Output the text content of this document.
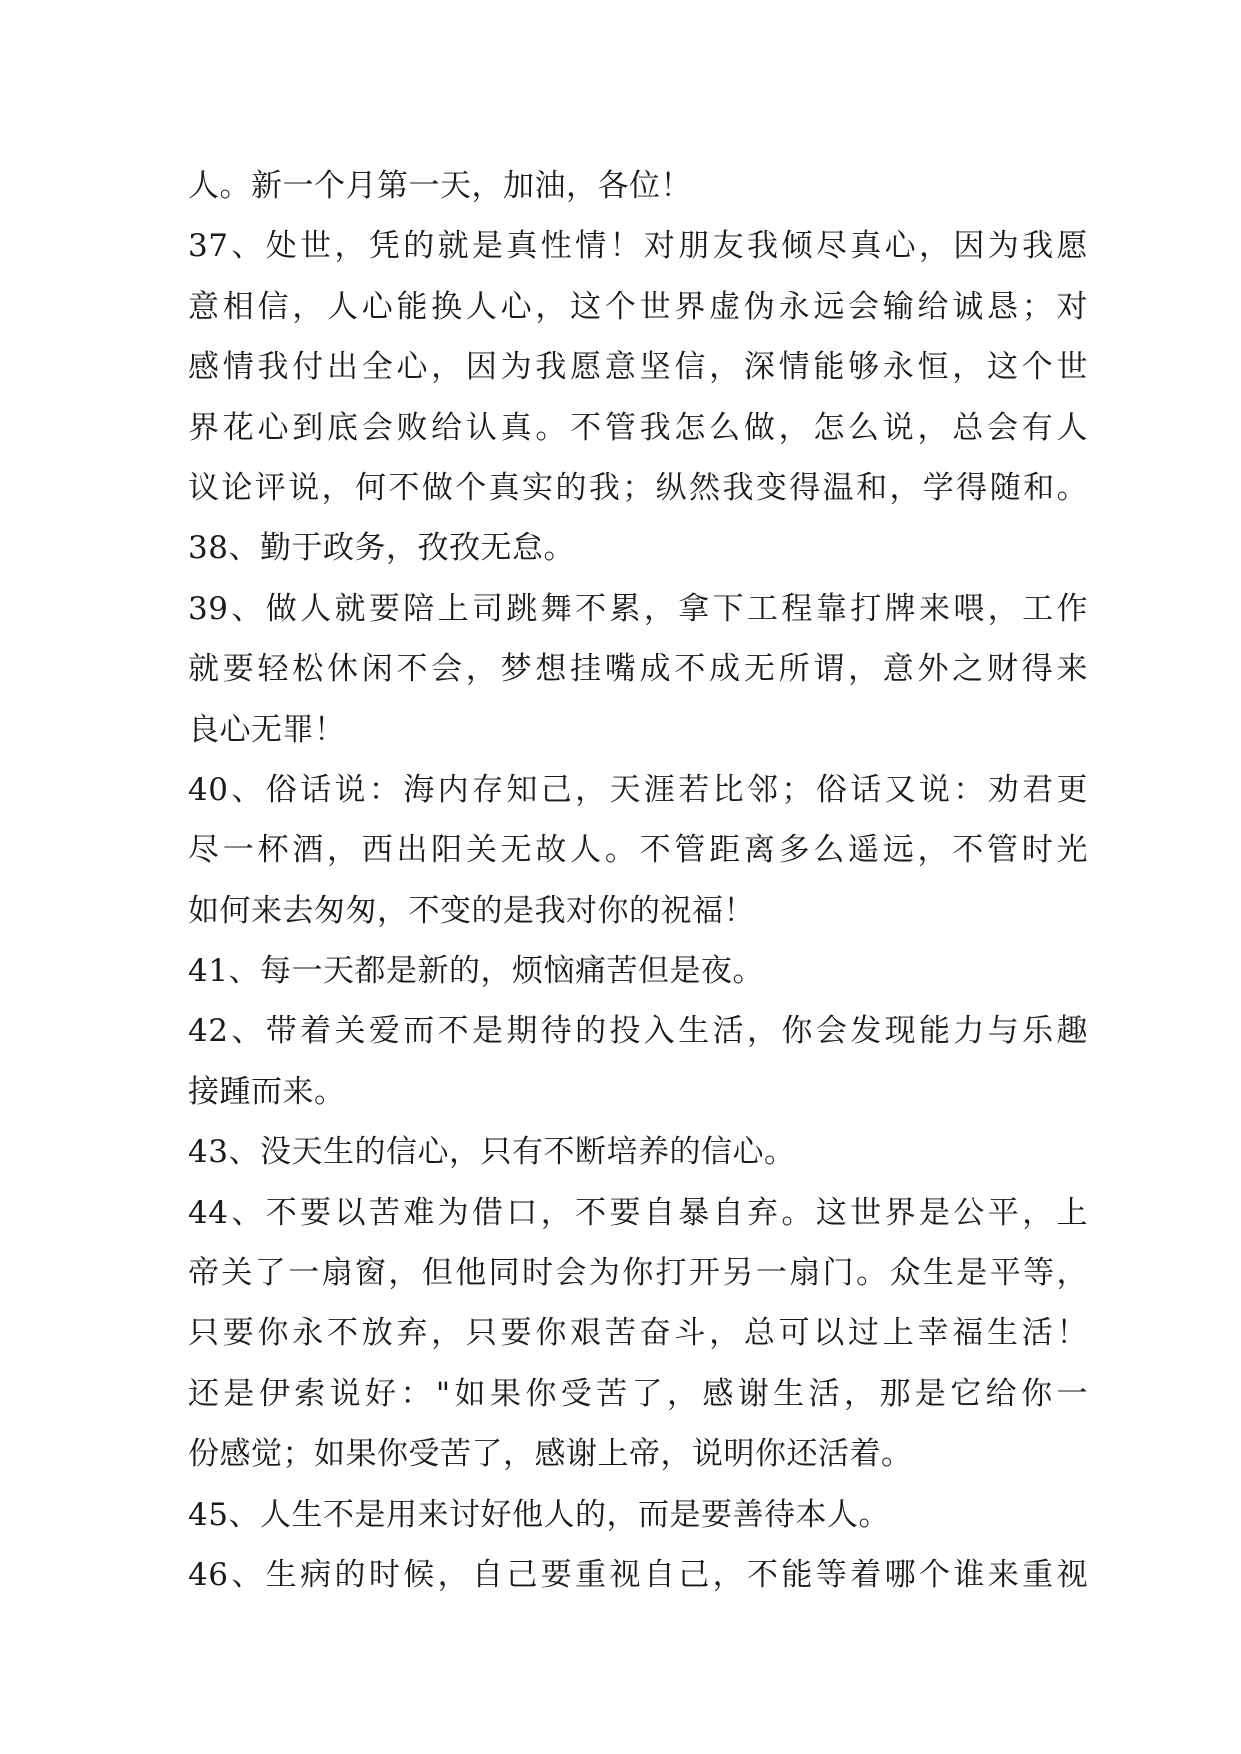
人。新一个月第一天，加油，各位！
37、处世，凭的就是真性情！对朋友我倾尽真心，因为我愿
意相信，人心能换人心，这个世界虚伪永远会输给诚恳；对
感情我付出全心，因为我愿意坚信，深情能够永恒，这个世
界花心到底会败给认真。不管我怎么做，怎么说，总会有人
议论评说，何不做个真实的我；纵然我变得温和，学得随和。
38、勤于政务，孜孜无怠。
39、做人就要陪上司跳舞不累，拿下工程靠打牌来喂，工作
就要轻松休闲不会，梦想挂嘴成不成无所谓，意外之财得来
良心无罪！
40、俗话说：海内存知己，天涯若比邻；俗话又说：劝君更
尽一杯酒，西出阳关无故人。不管距离多么遥远，不管时光
如何来去匆匆，不变的是我对你的祝福！
41、每一天都是新的，烦恼痛苦但是夜。
42、带着关爱而不是期待的投入生活，你会发现能力与乐趣
接踵而来。
43、没天生的信心，只有不断培养的信心。
44、不要以苦难为借口，不要自暴自弃。这世界是公平，上
帝关了一扇窗，但他同时会为你打开另一扇门。众生是平等，
只要你永不放弃，只要你艰苦奋斗，总可以过上幸福生活！
还是伊索说好："如果你受苦了，感谢生活，那是它给你一
份感觉；如果你受苦了，感谢上帝，说明你还活着。
45、人生不是用来讨好他人的，而是要善待本人。
46、生病的时候，自己要重视自己，不能等着哪个谁来重视
